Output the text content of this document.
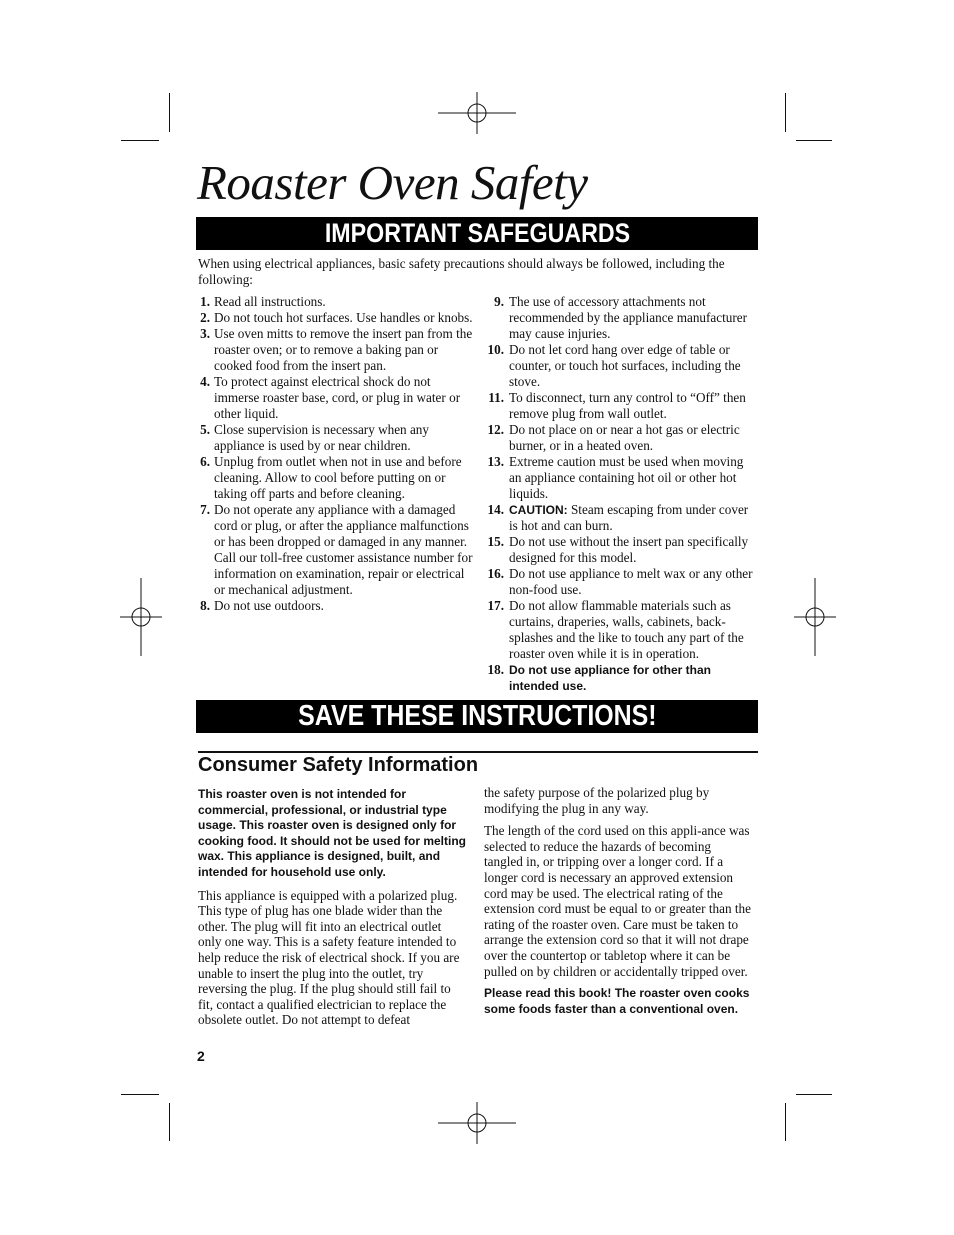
Roaster Oven Safety
IMPORTANT SAFEGUARDS

When using electrical appliances, basic safety precautions should always be followed, including the following:

1. Read all instructions.
2. Do not touch hot surfaces. Use handles or knobs.
3. Use oven mitts to remove the insert pan from the roaster oven; or to remove a baking pan or cooked food from the insert pan.
4. To protect against electrical shock do not immerse roaster base, cord, or plug in water or other liquid.
5. Close supervision is necessary when any appliance is used by or near children.
6. Unplug from outlet when not in use and before cleaning. Allow to cool before putting on or taking off parts and before cleaning.
7. Do not operate any appliance with a damaged cord or plug, or after the appliance malfunctions or has been dropped or damaged in any manner. Call our toll-free customer assistance number for information on examination, repair or electrical or mechanical adjustment.
8. Do not use outdoors.
9. The use of accessory attachments not recommended by the appliance manufacturer may cause injuries.
10. Do not let cord hang over edge of table or counter, or touch hot surfaces, including the stove.
11. To disconnect, turn any control to “Off” then remove plug from wall outlet.
12. Do not place on or near a hot gas or electric burner, or in a heated oven.
13. Extreme caution must be used when moving an appliance containing hot oil or other hot liquids.
14. CAUTION: Steam escaping from under cover is hot and can burn.
15. Do not use without the insert pan specifically designed for this model.
16. Do not use appliance to melt wax or any other non-food use.
17. Do not allow flammable materials such as curtains, draperies, walls, cabinets, back-splashes and the like to touch any part of the roaster oven while it is in operation.
18. Do not use appliance for other than intended use.
SAVE THESE INSTRUCTIONS!
Consumer Safety Information

This roaster oven is not intended for commercial, professional, or industrial type usage. This roaster oven is designed only for cooking food. It should not be used for melting wax. This appliance is designed, built, and intended for household use only.

This appliance is equipped with a polarized plug. This type of plug has one blade wider than the other. The plug will fit into an electrical outlet only one way. This is a safety feature intended to help reduce the risk of electrical shock. If you are unable to insert the plug into the outlet, try reversing the plug. If the plug should still fail to fit, contact a qualified electrician to replace the obsolete outlet. Do not attempt to defeat

the safety purpose of the polarized plug by modifying the plug in any way.

The length of the cord used on this appli-ance was selected to reduce the hazards of becoming tangled in, or tripping over a longer cord. If a longer cord is necessary an approved extension cord may be used. The electrical rating of the extension cord must be equal to or greater than the rating of the roaster oven. Care must be taken to arrange the extension cord so that it will not drape over the countertop or tabletop where it can be pulled on by children or accidentally tripped over.

Please read this book! The roaster oven cooks some foods faster than a conventional oven.

2
